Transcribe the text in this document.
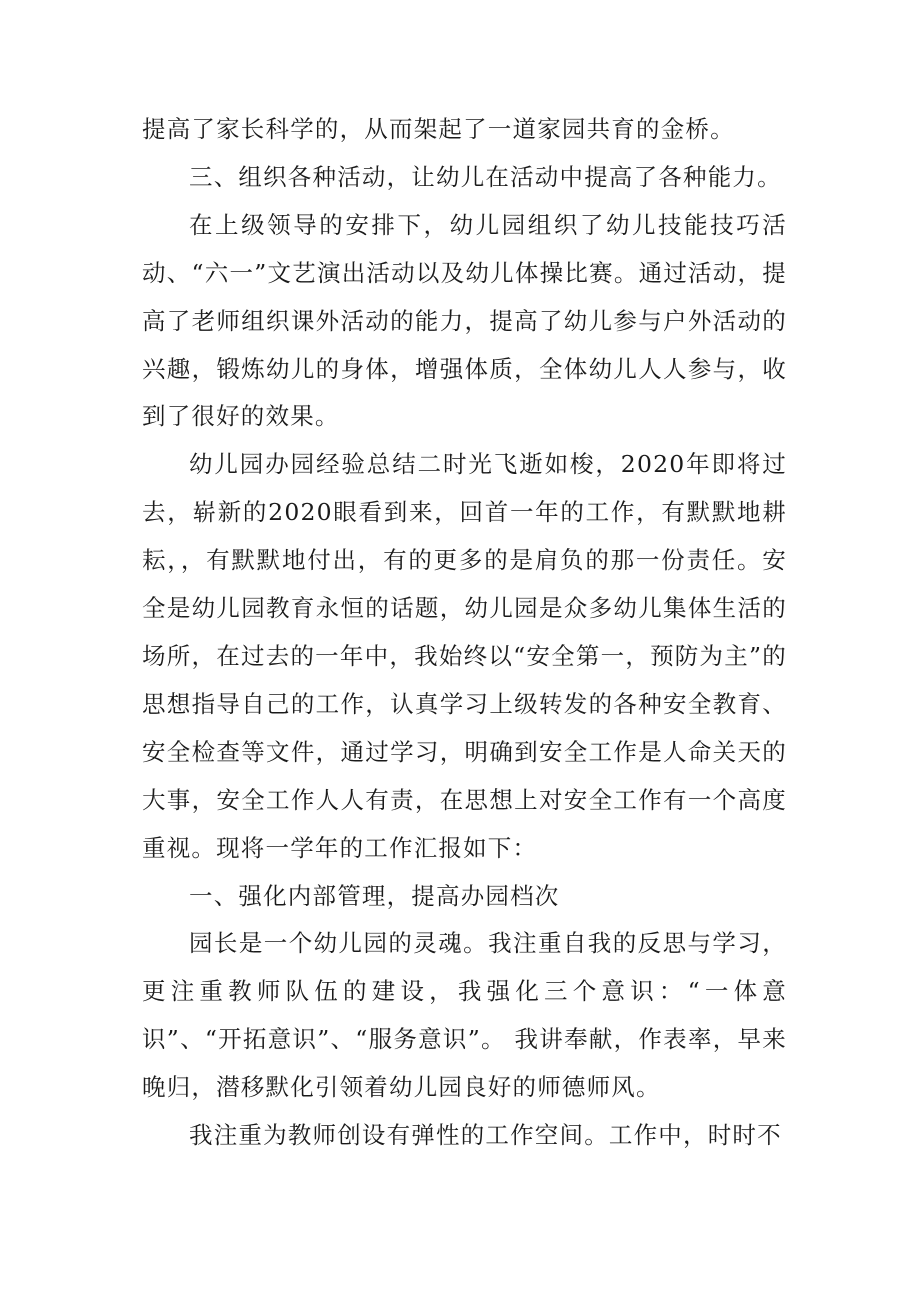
提高了家长科学的，从而架起了一道家园共育的金桥。

三、组织各种活动，让幼儿在活动中提高了各种能力。

在上级领导的安排下，幼儿园组织了幼儿技能技巧活动、“六一”文艺演出活动以及幼儿体操比赛。通过活动，提高了老师组织课外活动的能力，提高了幼儿参与户外活动的兴趣，锻炼幼儿的身体，增强体质，全体幼儿人人参与，收到了很好的效果。

幼儿园办园经验总结二时光飞逝如梭，2020年即将过去，崭新的2020眼看到来，回首一年的工作，有默默地耕耘，，有默默地付出，有的更多的是肩负的那一份责任。安全是幼儿园教育永恒的话题，幼儿园是众多幼儿集体生活的场所，在过去的一年中，我始终以“安全第一，预防为主”的思想指导自己的工作，认真学习上级转发的各种安全教育、安全检查等文件，通过学习，明确到安全工作是人命关天的大事，安全工作人人有责，在思想上对安全工作有一个高度重视。现将一学年的工作汇报如下：

一、强化内部管理，提高办园档次

园长是一个幼儿园的灵魂。我注重自我的反思与学习，更注重教师队伍的建设，我强化三个意识：“一体意识”、“开拓意识”、“服务意识”。 我讲奉献，作表率，早来晚归，潜移默化引领着幼儿园良好的师德师风。

我注重为教师创设有弹性的工作空间。工作中，时时不
